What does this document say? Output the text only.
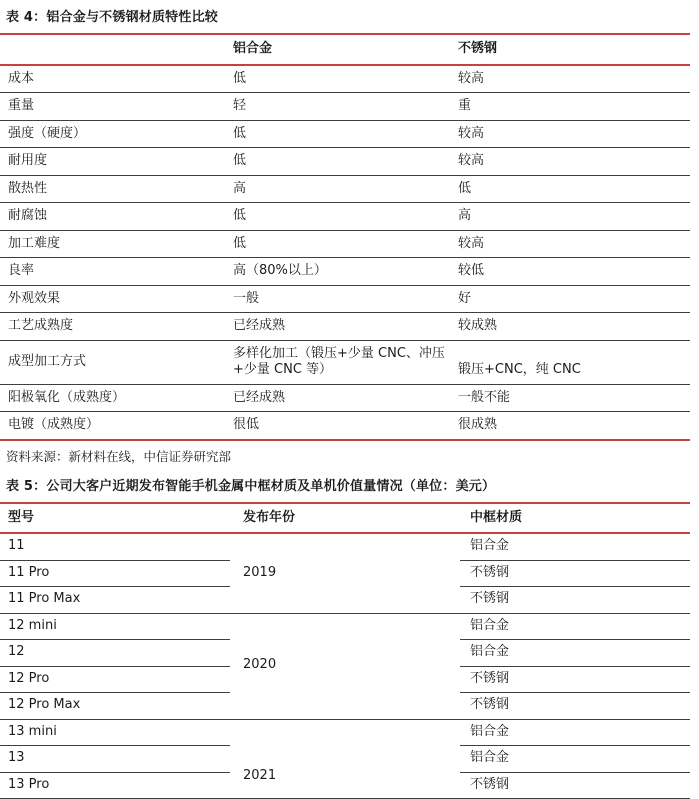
表 4：铝合金与不锈钢材质特性比较
	铝合金	不锈钢
成本	低	较高
重量	轻	重
强度（硬度）	低	较高
耐用度	低	较高
散热性	高	低
耐腐蚀	低	高
加工难度	低	较高
良率	高（80%以上）	较低
外观效果	一般	好
工艺成熟度	已经成熟	较成熟
成型加工方式	多样化加工（锻压+少量 CNC、冲压+少量 CNC 等）	锻压+CNC，纯 CNC
阳极氧化（成熟度）	已经成熟	一般不能
电镀（成熟度）	很低	很成熟
资料来源：新材料在线，中信证券研究部
表 5：公司大客户近期发布智能手机金属中框材质及单机价值量情况（单位：美元）
型号	发布年份	中框材质
11	2019	铝合金
11 Pro		不锈钢
11 Pro Max		不锈钢
12 mini	2020	铝合金
12		铝合金
12 Pro		不锈钢
12 Pro Max		不锈钢
13 mini	2021	铝合金
13		铝合金
13 Pro		不锈钢
